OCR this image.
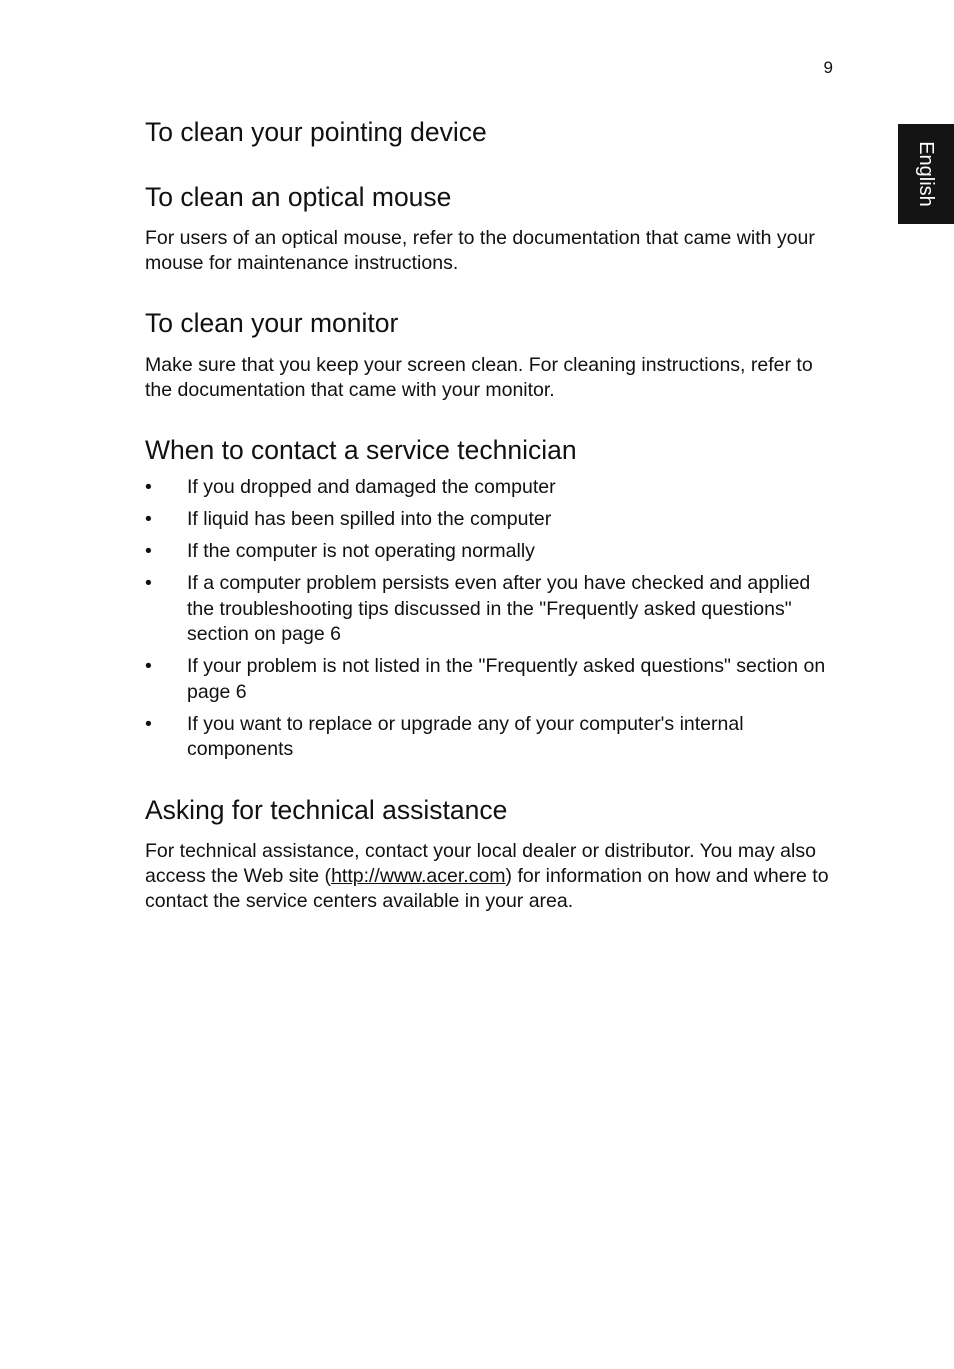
9
English
To clean your pointing device
To clean an optical mouse

For users of an optical mouse, refer to the documentation that came with your mouse for maintenance instructions.

To clean your monitor

Make sure that you keep your screen clean. For cleaning instructions, refer to the documentation that came with your monitor.

When to contact a service technician
• If you dropped and damaged the computer
• If liquid has been spilled into the computer
• If the computer is not operating normally
• If a computer problem persists even after you have checked and applied the troubleshooting tips discussed in the "Frequently asked questions" section on page 6
• If your problem is not listed in the "Frequently asked questions" section on page 6
• If you want to replace or upgrade any of your computer's internal components
Asking for technical assistance

For technical assistance, contact your local dealer or distributor. You may also access the Web site (http://www.acer.com) for information on how and where to contact the service centers available in your area.
